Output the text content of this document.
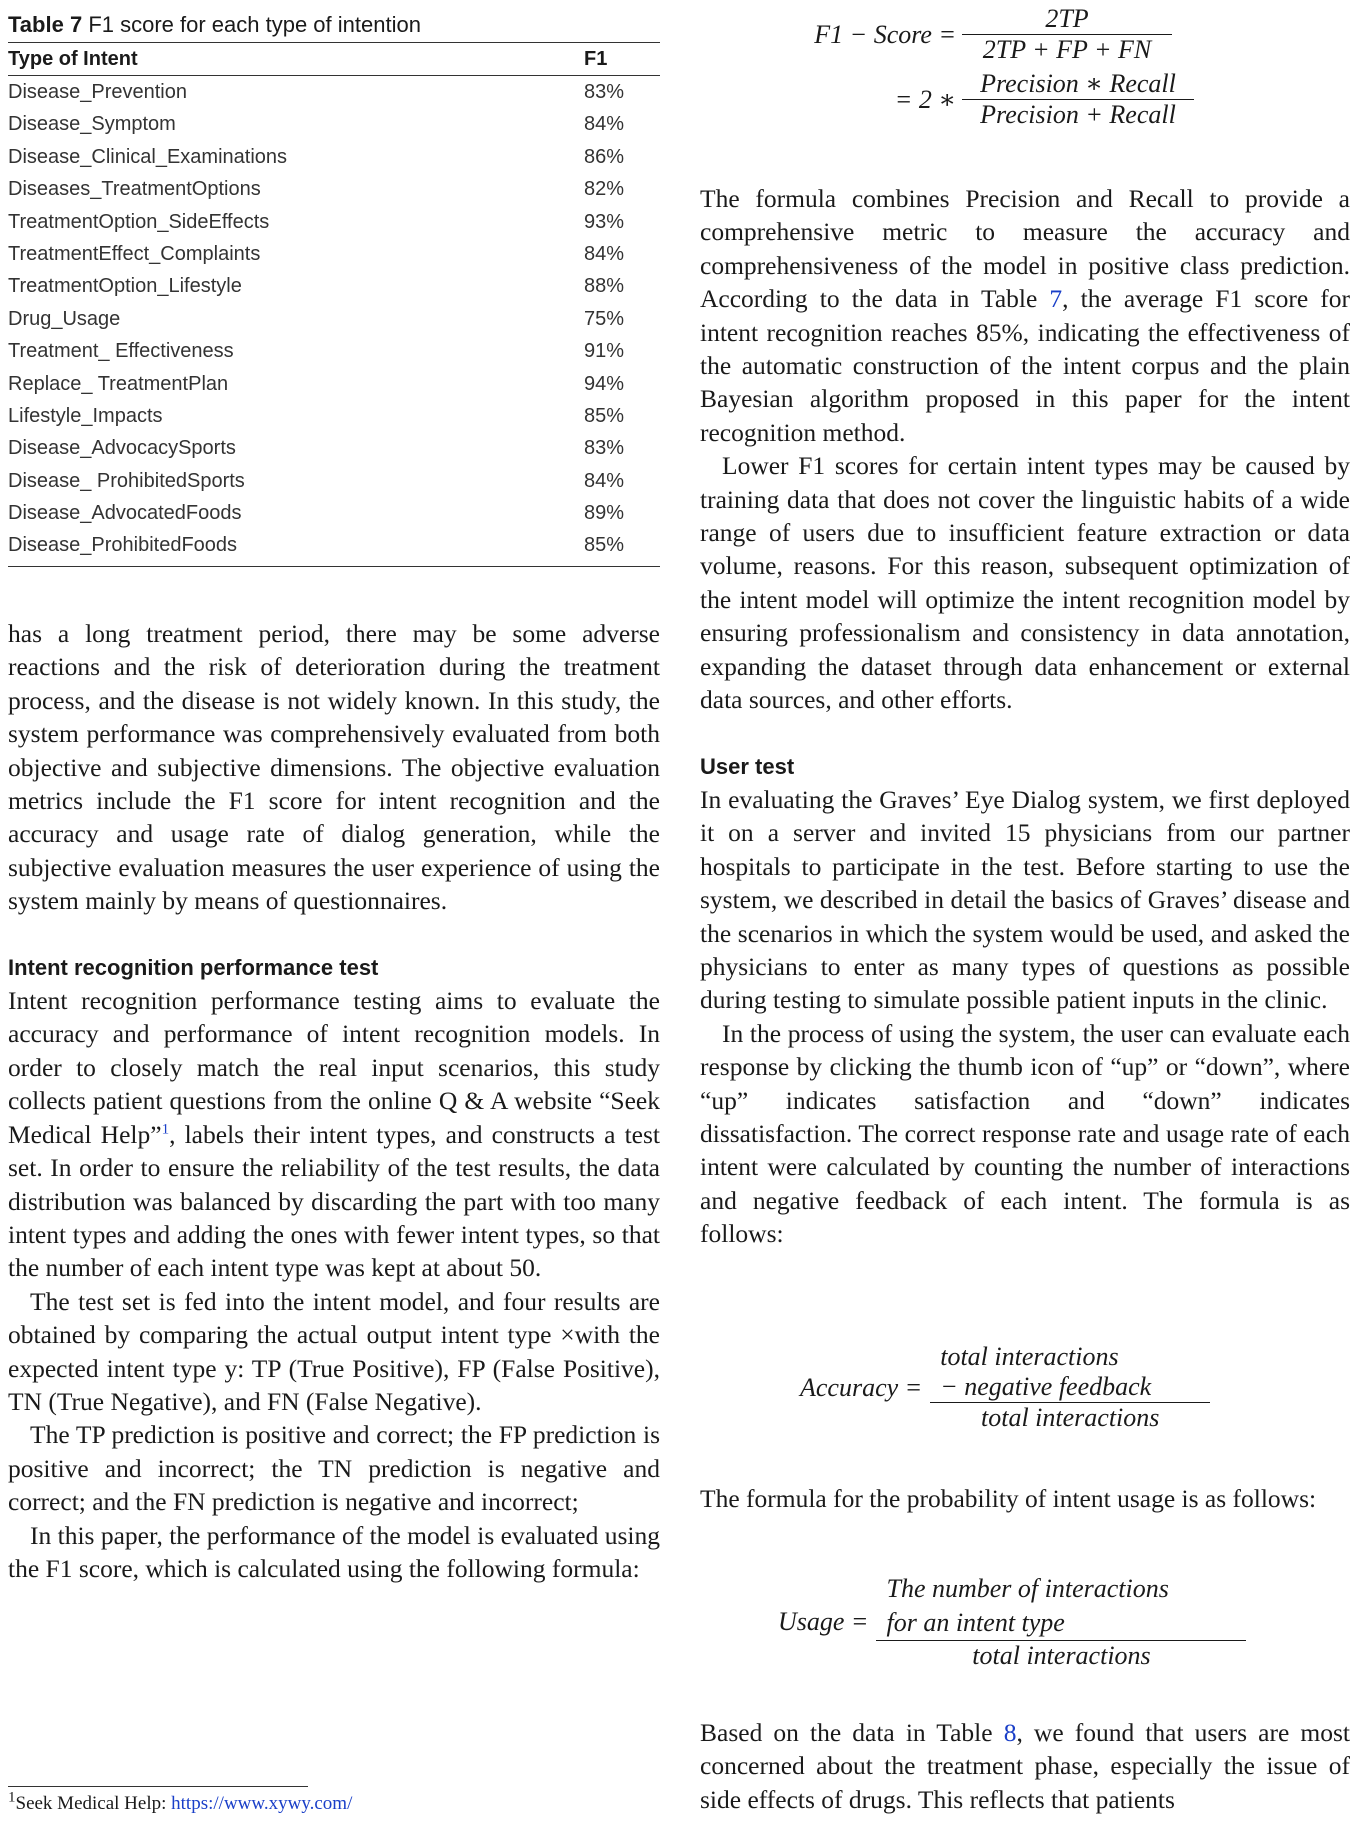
Table 7 F1 score for each type of intention
Type of Intent	F1
Disease_Prevention	83%
Disease_Symptom	84%
Disease_Clinical_Examinations	86%
Diseases_TreatmentOptions	82%
TreatmentOption_SideEffects	93%
TreatmentEffect_Complaints	84%
TreatmentOption_Lifestyle	88%
Drug_Usage	75%
Treatment_ Effectiveness	91%
Replace_ TreatmentPlan	94%
Lifestyle_Impacts	85%
Disease_AdvocacySports	83%
Disease_ ProhibitedSports	84%
Disease_AdvocatedFoods	89%
Disease_ProhibitedFoods	85%

has a long treatment period, there may be some adverse reactions and the risk of deterioration during the treatment process, and the disease is not widely known. In this study, the system performance was comprehensively evaluated from both objective and subjective dimensions. The objective evaluation metrics include the F1 score for intent recognition and the accuracy and usage rate of dialog generation, while the subjective evaluation measures the user experience of using the system mainly by means of questionnaires.

Intent recognition performance test

Intent recognition performance testing aims to evaluate the accuracy and performance of intent recognition models. In order to closely match the real input scenarios, this study collects patient questions from the online Q & A website “Seek Medical Help”$^1$, labels their intent types, and constructs a test set. In order to ensure the reliability of the test results, the data distribution was balanced by discarding the part with too many intent types and adding the ones with fewer intent types, so that the number of each intent type was kept at about 50.

The test set is fed into the intent model, and four results are obtained by comparing the actual output intent type ×with the expected intent type y: TP (True Positive), FP (False Positive), TN (True Negative), and FN (False Negative).

The TP prediction is positive and correct; the FP prediction is positive and incorrect; the TN prediction is negative and correct; and the FN prediction is negative and incorrect;

In this paper, the performance of the model is evaluated using the F1 score, which is calculated using the following formula:

$^1$Seek Medical Help: https://www.xywy.com/
F1 − Score = $\frac{2TP}{2TP + FP + FN}$
= 2 ∗ $\frac{\text{Precision ∗ Recall}}{\text{Precision + Recall}}$

The formula combines Precision and Recall to provide a comprehensive metric to measure the accuracy and comprehensiveness of the model in positive class prediction. According to the data in Table 7, the average F1 score for intent recognition reaches 85%, indicating the effectiveness of the automatic construction of the intent corpus and the plain Bayesian algorithm proposed in this paper for the intent recognition method.

Lower F1 scores for certain intent types may be caused by training data that does not cover the linguistic habits of a wide range of users due to insufficient feature extraction or data volume, reasons. For this reason, subsequent optimization of the intent model will optimize the intent recognition model by ensuring professionalism and consistency in data annotation, expanding the dataset through data enhancement or external data sources, and other efforts.

User test

In evaluating the Graves’ Eye Dialog system, we first deployed it on a server and invited 15 physicians from our partner hospitals to participate in the test. Before starting to use the system, we described in detail the basics of Graves’ disease and the scenarios in which the system would be used, and asked the physicians to enter as many types of questions as possible during testing to simulate possible patient inputs in the clinic.

In the process of using the system, the user can evaluate each response by clicking the thumb icon of “up” or “down”, where “up” indicates satisfaction and “down” indicates dissatisfaction. The correct response rate and usage rate of each intent were calculated by counting the number of interactions and negative feedback of each intent. The formula is as follows:

Accuracy = total interactions
− negative feedback
total interactions

The formula for the probability of intent usage is as follows:

Usage = The number of interactions
for an intent type
total interactions

Based on the data in Table 8, we found that users are most concerned about the treatment phase, especially the issue of side effects of drugs. This reflects that patients
